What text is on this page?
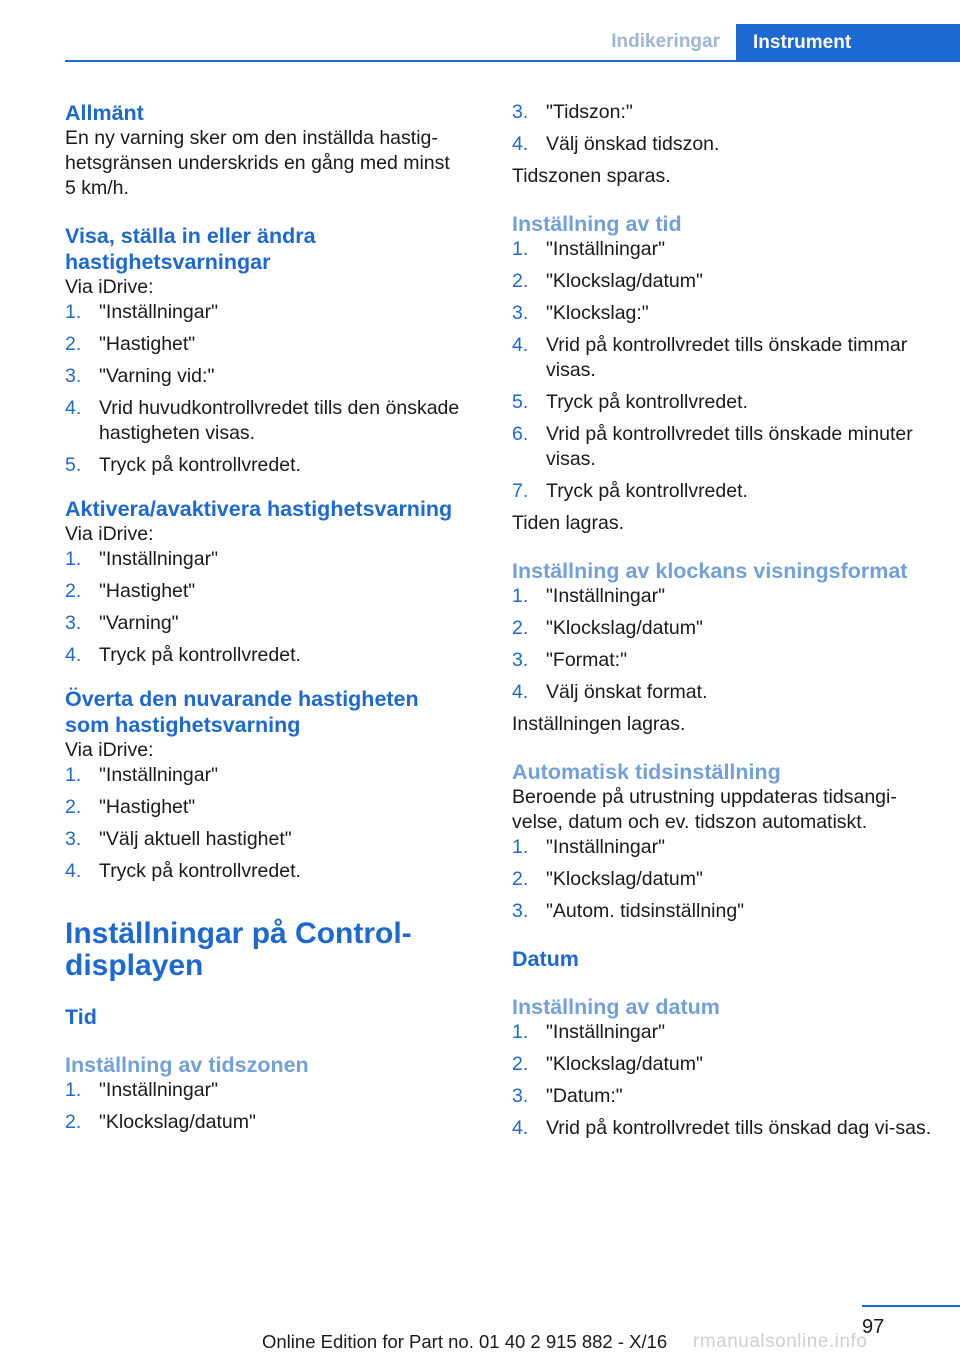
Indikeringar	Instrument
Allmänt

En ny varning sker om den inställda hastig-
hetsgränsen underskrids en gång med minst
5 km/h.

Visa, ställa in eller ändra
hastighetsvarningar

Via iDrive:

1. "Inställningar"
2. "Hastighet"
3. "Varning vid:"
4. Vrid huvudkontrollvredet tills den önskade hastigheten visas.
5. Tryck på kontrollvredet.
Aktivera/avaktivera hastighetsvarning

Via iDrive:

1. "Inställningar"
2. "Hastighet"
3. "Varning"
4. Tryck på kontrollvredet.
Överta den nuvarande hastigheten
som hastighetsvarning

Via iDrive:

1. "Inställningar"
2. "Hastighet"
3. "Välj aktuell hastighet"
4. Tryck på kontrollvredet.
Inställningar på Control-
displayen
Tid
Inställning av tidszonen
1. "Inställningar"
2. "Klockslag/datum"
3. "Tidszon:"
4. Välj önskad tidszon.

Tidszonen sparas.

Inställning av tid
1. "Inställningar"
2. "Klockslag/datum"
3. "Klockslag:"
4. Vrid på kontrollvredet tills önskade timmar visas.
5. Tryck på kontrollvredet.
6. Vrid på kontrollvredet tills önskade minuter visas.
7. Tryck på kontrollvredet.

Tiden lagras.

Inställning av klockans visningsformat
1. "Inställningar"
2. "Klockslag/datum"
3. "Format:"
4. Välj önskat format.

Inställningen lagras.

Automatisk tidsinställning

Beroende på utrustning uppdateras tidsangi-
velse, datum och ev. tidszon automatiskt.

1. "Inställningar"
2. "Klockslag/datum"
3. "Autom. tidsinställning"
Datum
Inställning av datum
1. "Inställningar"
2. "Klockslag/datum"
3. "Datum:"
4. Vrid på kontrollvredet tills önskad dag vi-sas.
97
Online Edition for Part no. 01 40 2 915 882 - X/16 rmanualsonline.info
